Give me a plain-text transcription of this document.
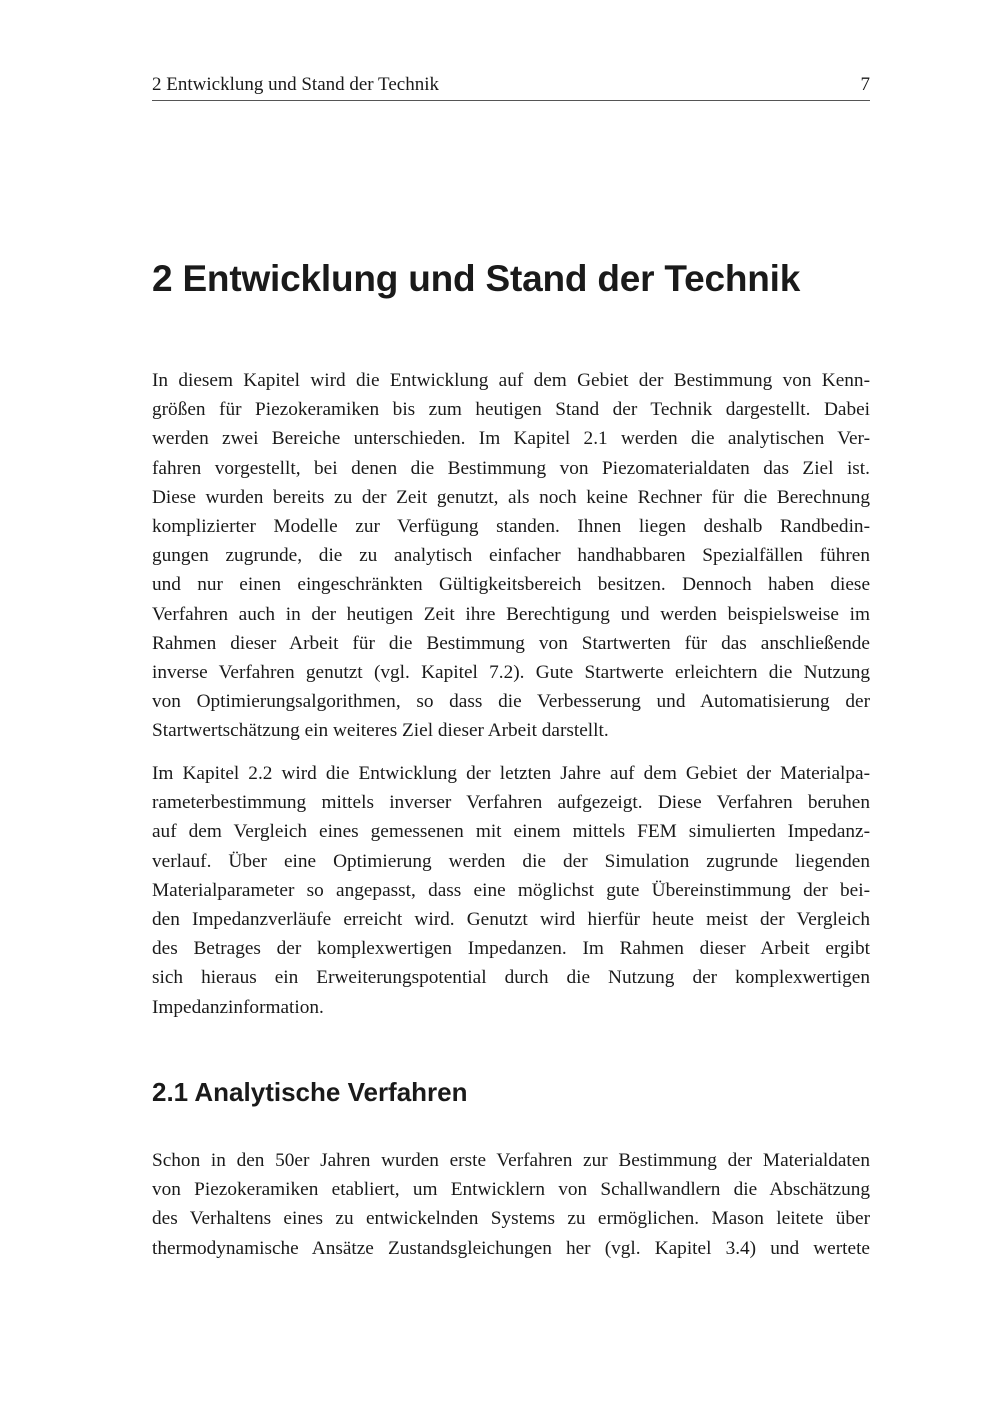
2 Entwicklung und Stand der Technik	7
2 Entwicklung und Stand der Technik
In diesem Kapitel wird die Entwicklung auf dem Gebiet der Bestimmung von Kenn-
größen für Piezokeramiken bis zum heutigen Stand der Technik dargestellt. Dabei
werden zwei Bereiche unterschieden. Im Kapitel 2.1 werden die analytischen Ver-
fahren vorgestellt, bei denen die Bestimmung von Piezomaterialdaten das Ziel ist.
Diese wurden bereits zu der Zeit genutzt, als noch keine Rechner für die Berechnung
komplizierter Modelle zur Verfügung standen. Ihnen liegen deshalb Randbedin-
gungen zugrunde, die zu analytisch einfacher handhabbaren Spezialfällen führen
und nur einen eingeschränkten Gültigkeitsbereich besitzen. Dennoch haben diese
Verfahren auch in der heutigen Zeit ihre Berechtigung und werden beispielsweise im
Rahmen dieser Arbeit für die Bestimmung von Startwerten für das anschließende
inverse Verfahren genutzt (vgl. Kapitel 7.2). Gute Startwerte erleichtern die Nutzung
von Optimierungsalgorithmen, so dass die Verbesserung und Automatisierung der
Startwertschätzung ein weiteres Ziel dieser Arbeit darstellt.
Im Kapitel 2.2 wird die Entwicklung der letzten Jahre auf dem Gebiet der Materialpa-
rameterbestimmung mittels inverser Verfahren aufgezeigt. Diese Verfahren beruhen
auf dem Vergleich eines gemessenen mit einem mittels FEM simulierten Impedanz-
verlauf. Über eine Optimierung werden die der Simulation zugrunde liegenden
Materialparameter so angepasst, dass eine möglichst gute Übereinstimmung der bei-
den Impedanzverläufe erreicht wird. Genutzt wird hierfür heute meist der Vergleich
des Betrages der komplexwertigen Impedanzen. Im Rahmen dieser Arbeit ergibt
sich hieraus ein Erweiterungspotential durch die Nutzung der komplexwertigen
Impedanzinformation.
2.1 Analytische Verfahren
Schon in den 50er Jahren wurden erste Verfahren zur Bestimmung der Materialdaten
von Piezokeramiken etabliert, um Entwicklern von Schallwandlern die Abschätzung
des Verhaltens eines zu entwickelnden Systems zu ermöglichen. Mason leitete über
thermodynamische Ansätze Zustandsgleichungen her (vgl. Kapitel 3.4) und wertete
